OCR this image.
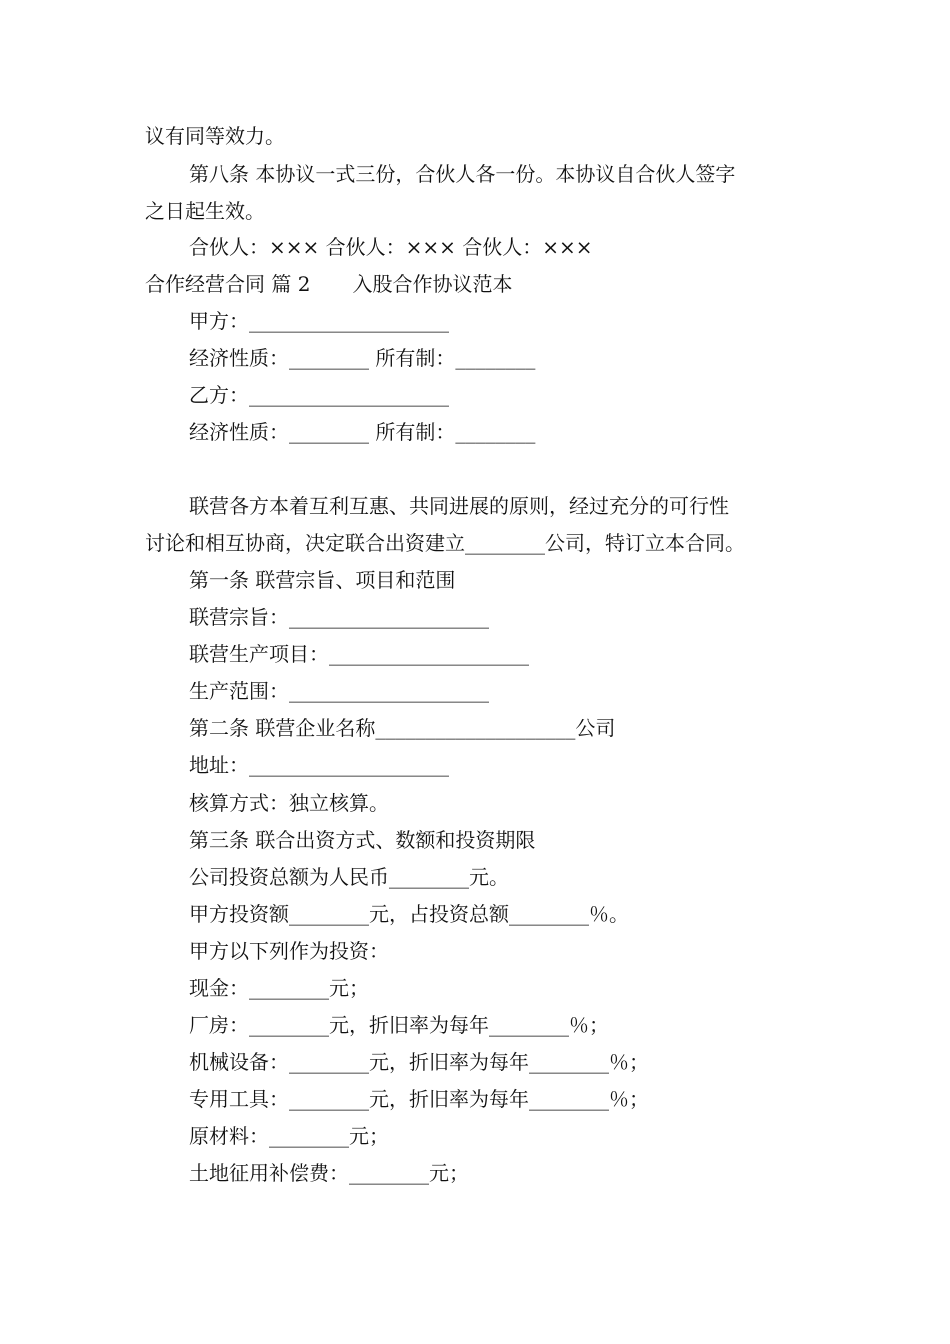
议有同等效力。
第八条 本协议一式三份，合伙人各一份。本协议自合伙人签字
之日起生效。
合伙人：××× 合伙人：××× 合伙人：×××
合作经营合同 篇 2 入股合作协议范本
甲方：____________________
经济性质：________ 所有制：________
乙方：____________________
经济性质：________ 所有制：________
联营各方本着互利互惠、共同进展的原则，经过充分的可行性
讨论和相互协商，决定联合出资建立________公司，特订立本合同。
第一条 联营宗旨、项目和范围
联营宗旨：____________________
联营生产项目：____________________
生产范围：____________________
第二条 联营企业名称____________________公司
地址：____________________
核算方式：独立核算。
第三条 联合出资方式、数额和投资期限
公司投资总额为人民币________元。
甲方投资额________元，占投资总额________％。
甲方以下列作为投资：
现金：________元；
厂房：________元，折旧率为每年________％；
机械设备：________元，折旧率为每年________％；
专用工具：________元，折旧率为每年________％；
原材料：________元；
土地征用补偿费：________元；
